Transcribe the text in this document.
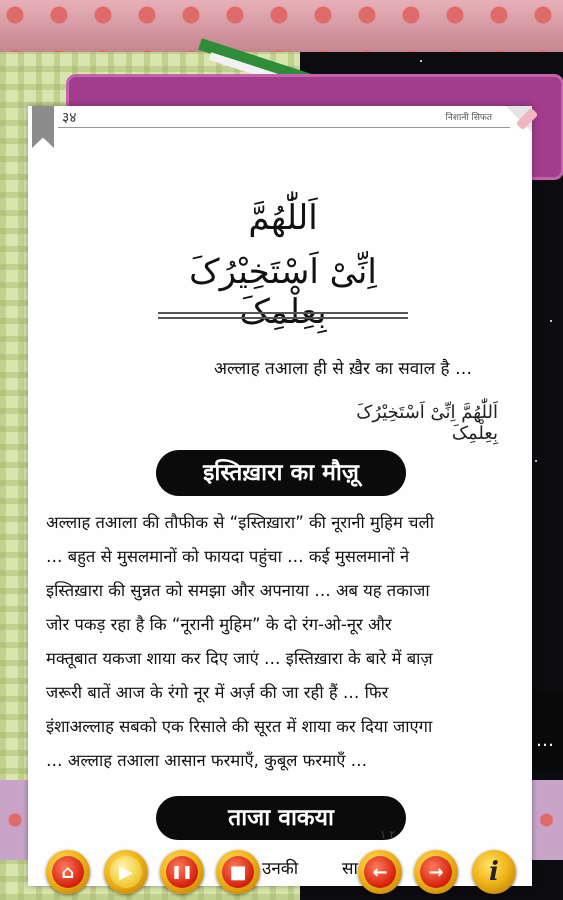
…
३४	निशानी सिफत
اَللّٰھُمَّ
اِنِّیْ اَسْتَخِیْرُکَ
अल्लाह तआला ही से ख़ैर का सवाल है …
اَللّٰھُمَّ اِنِّیْ اَسْتَخِیْرُکَ بِعِلْمِکَ
इस्तिख़ारा का मौज़ू
अल्लाह तआला की तौफीक से “इस्तिख़ारा” की नूरानी मुहिम चली
… बहुत से मुसलमानों को फायदा पहुंचा … कई मुसलमानों ने
इस्तिख़ारा की सुन्नत को समझा और अपनाया … अब यह तकाजा
जोर पकड़ रहा है कि “नूरानी मुहिम” के दो रंग-ओ-नूर और
मक्तूबात यकजा शाया कर दिए जाएं … इस्तिख़ारा के बारे में बाज़
जरूरी बातें आज के रंगो नूर में अर्ज़ की जा रही हैं … फिर
इंशाअल्लाह सबको एक रिसाले की सूरत में शाया कर दिया जाएगा
… अल्लाह तआला आसान फरमाएँ, कुबूल फरमाएँ …
ताजा वाकया
۱ ۲
उनकी	सा
⌂	▶	❚❚	■	←	→	i
